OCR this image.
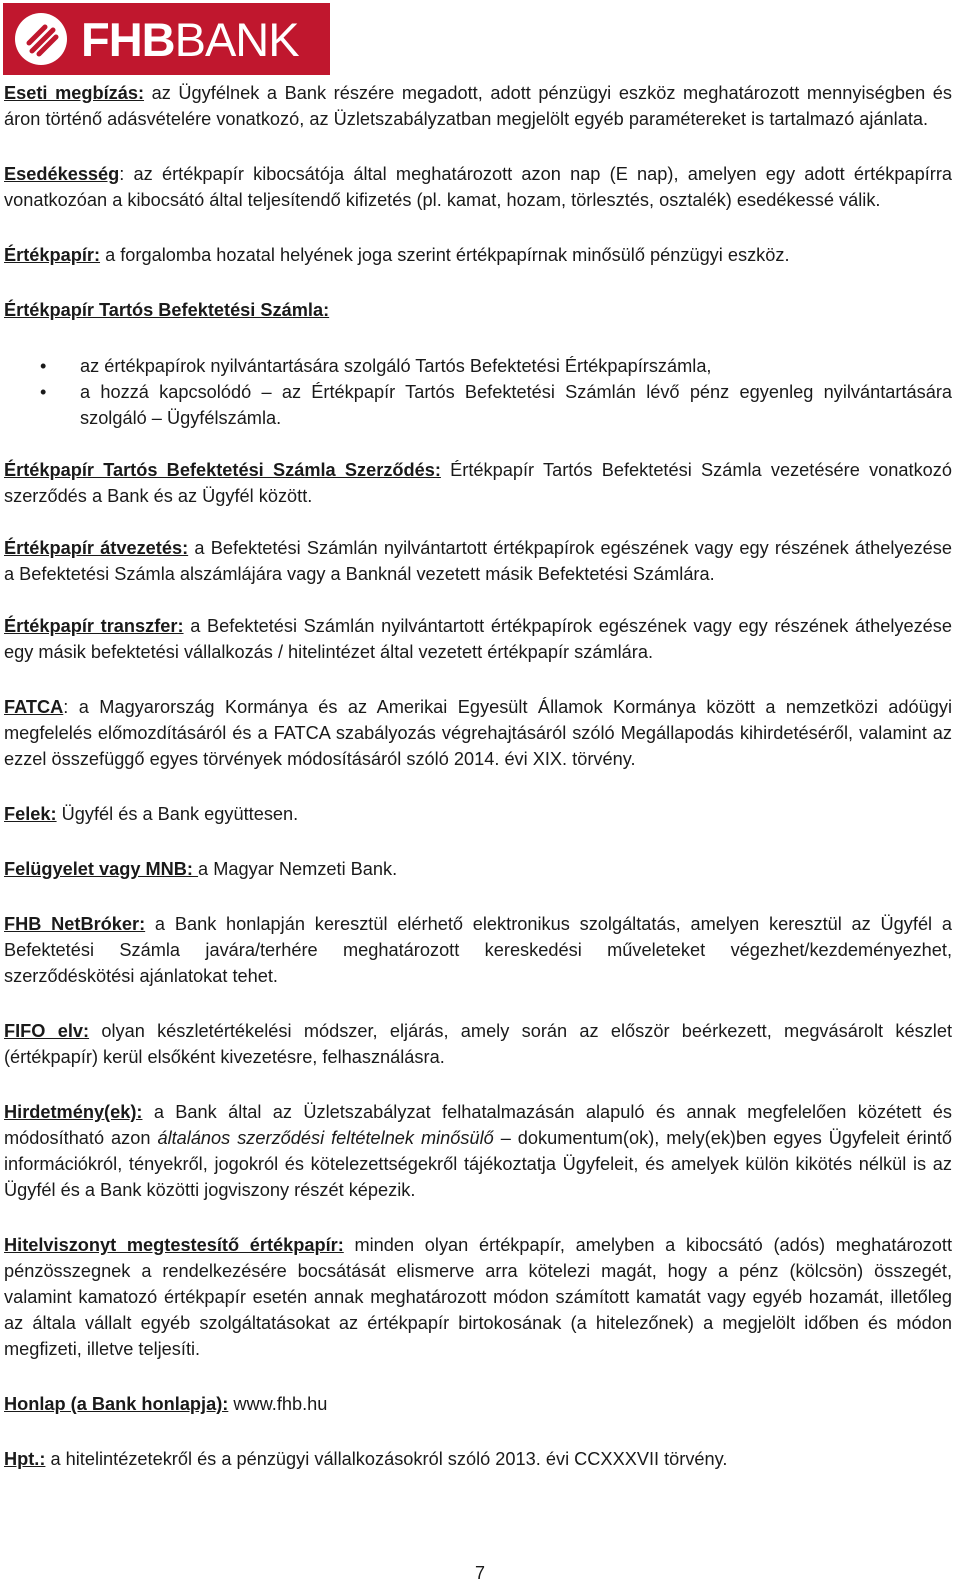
FHBBANK

Eseti megbízás: az Ügyfélnek a Bank részére megadott, adott pénzügyi eszköz meghatározott mennyiségben és áron történő adásvételére vonatkozó, az Üzletszabályzatban megjelölt egyéb paramétereket is tartalmazó ajánlata.

Esedékesség: az értékpapír kibocsátója által meghatározott azon nap (E nap), amelyen egy adott értékpapírra vonatkozóan a kibocsátó által teljesítendő kifizetés (pl. kamat, hozam, törlesztés, osztalék) esedékessé válik.

Értékpapír: a forgalomba hozatal helyének joga szerint értékpapírnak minősülő pénzügyi eszköz.

Értékpapír Tartós Befektetési Számla:

• az értékpapírok nyilvántartására szolgáló Tartós Befektetési Értékpapírszámla,
• a hozzá kapcsolódó – az Értékpapír Tartós Befektetési Számlán lévő pénz egyenleg nyilvántartására szolgáló – Ügyfélszámla.

Értékpapír Tartós Befektetési Számla Szerződés: Értékpapír Tartós Befektetési Számla vezetésére vonatkozó szerződés a Bank és az Ügyfél között.

Értékpapír átvezetés: a Befektetési Számlán nyilvántartott értékpapírok egészének vagy egy részének áthelyezése a Befektetési Számla alszámlájára vagy a Banknál vezetett másik Befektetési Számlára.

Értékpapír transzfer: a Befektetési Számlán nyilvántartott értékpapírok egészének vagy egy részének áthelyezése egy másik befektetési vállalkozás / hitelintézet által vezetett értékpapír számlára.

FATCA: a Magyarország Kormánya és az Amerikai Egyesült Államok Kormánya között a nemzetközi adóügyi megfelelés előmozdításáról és a FATCA szabályozás végrehajtásáról szóló Megállapodás kihirdetéséről, valamint az ezzel összefüggő egyes törvények módosításáról szóló 2014. évi XIX. törvény.

Felek: Ügyfél és a Bank együttesen.

Felügyelet vagy MNB: a Magyar Nemzeti Bank.

FHB NetBróker: a Bank honlapján keresztül elérhető elektronikus szolgáltatás, amelyen keresztül az Ügyfél a Befektetési Számla javára/terhére meghatározott kereskedési műveleteket végezhet/kezdeményezhet, szerződéskötési ajánlatokat tehet.

FIFO elv: olyan készletértékelési módszer, eljárás, amely során az először beérkezett, megvásárolt készlet (értékpapír) kerül elsőként kivezetésre, felhasználásra.

Hirdetmény(ek): a Bank által az Üzletszabályzat felhatalmazásán alapuló és annak megfelelően közétett és módosítható azon általános szerződési feltételnek minősülő – dokumentum(ok), mely(ek)ben egyes Ügyfeleit érintő információkról, tényekről, jogokról és kötelezettségekről tájékoztatja Ügyfeleit, és amelyek külön kikötés nélkül is az Ügyfél és a Bank közötti jogviszony részét képezik.

Hitelviszonyt megtestesítő értékpapír: minden olyan értékpapír, amelyben a kibocsátó (adós) meghatározott pénzösszegnek a rendelkezésére bocsátását elismerve arra kötelezi magát, hogy a pénz (kölcsön) összegét, valamint kamatozó értékpapír esetén annak meghatározott módon számított kamatát vagy egyéb hozamát, illetőleg az általa vállalt egyéb szolgáltatásokat az értékpapír birtokosának (a hitelezőnek) a megjelölt időben és módon megfizeti, illetve teljesíti.

Honlap (a Bank honlapja): www.fhb.hu

Hpt.: a hitelintézetekről és a pénzügyi vállalkozásokról szóló 2013. évi CCXXXVII törvény.

7
